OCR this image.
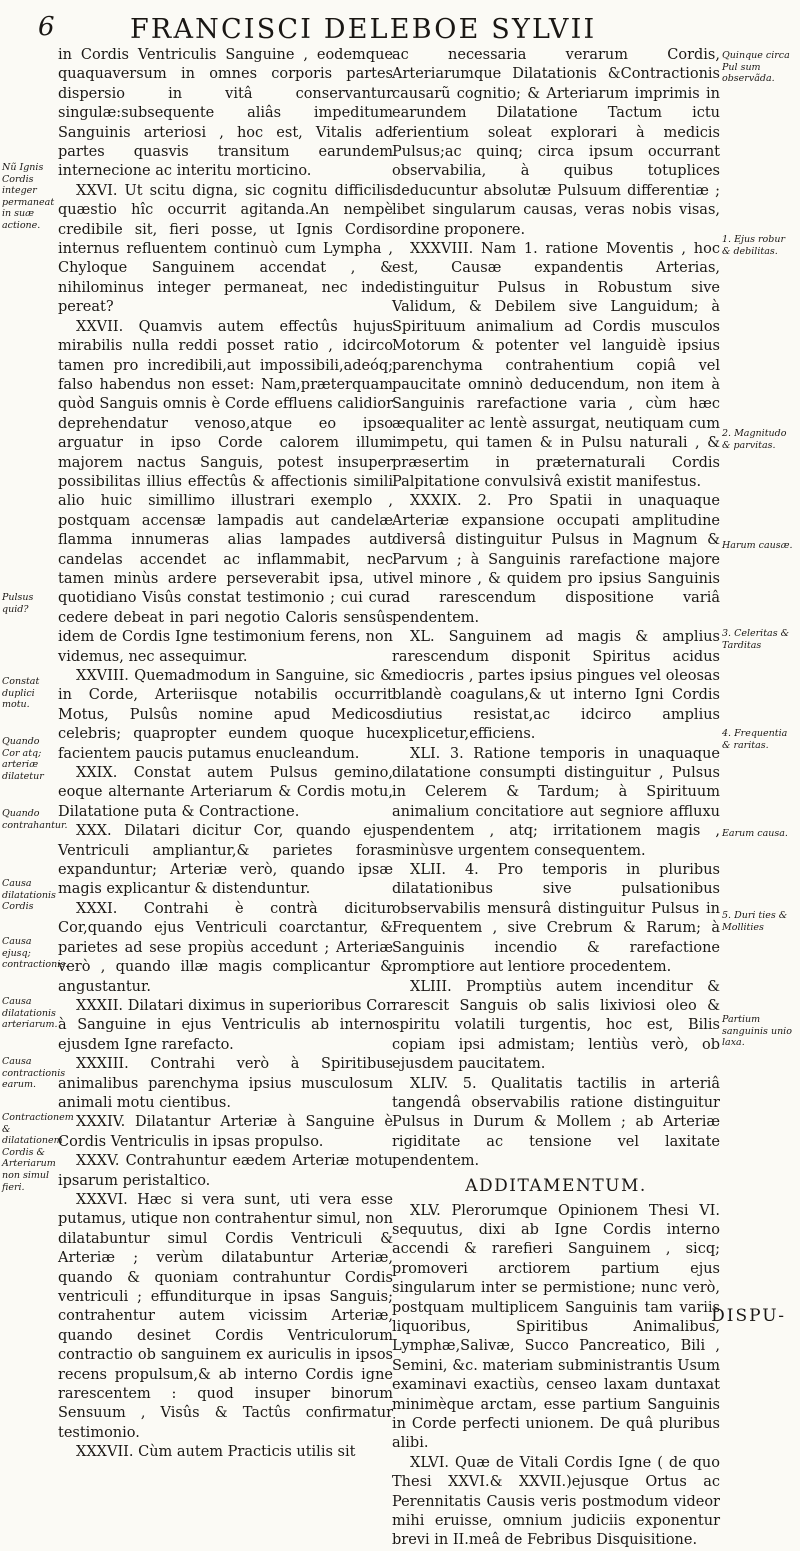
6	FRANCISCI DELEBOE SYLVII

in Cordis Ventriculis Sanguine , eodemque quaquaversum in omnes corporis partes dispersio in vitâ conservantur singulæ:subsequente aliâs impeditum Sanguinis arteriosi , hoc est, Vitalis ad partes quasvis transitum earundem internecione ac interitu morticino.

XXVI. Ut scitu digna, sic cognitu difficilis quæstio hîc occurrit agitanda.An nempè credibile sit, fieri posse, ut Ignis Cordis internus refluentem continuò cum Lympha , Chyloque Sanguinem accendat , & nihilominus integer permaneat, nec inde pereat?

XXVII. Quamvis autem effectûs hujus mirabilis nulla reddi posset ratio , idcirco tamen pro incredibili,aut impossibili,adeóq; falso habendus non esset: Nam,præterquam quòd Sanguis omnis è Corde effluens calidior deprehendatur venoso,atque eo ipso arguatur in ipso Corde calorem illum majorem nactus Sanguis, potest insuper possibilitas illius effectûs & affectionis simili alio huic simillimo illustrari exemplo , postquam accensæ lampadis aut candelæ flamma innumeras alias lampades aut candelas accendet ac inflammabit, nec tamen minùs ardere perseverabit ipsa, uti quotidiano Visûs constat testimonio ; cui cur cedere debeat in pari negotio Caloris sensûs idem de Cordis Igne testimonium ferens, non videmus, nec assequimur.

XXVIII. Quemadmodum in Sanguine, sic & in Corde, Arteriisque notabilis occurrit Motus, Pulsûs nomine apud Medicos celebris; quapropter eundem quoque huc facientem paucis putamus enucleandum.

XXIX. Constat autem Pulsus gemino, eoque alternante Arteriarum & Cordis motu, Dilatatione puta & Contractione.

XXX. Dilatari dicitur Cor, quando ejus Ventriculi ampliantur,& parietes foras expanduntur; Arteriæ verò, quando ipsæ magis explicantur & distenduntur.

XXXI. Contrahi è contrà dicitur Cor,quando ejus Ventriculi coarctantur, & parietes ad sese propiùs accedunt ; Arteriæ verò , quando illæ magis complicantur & angustantur.

XXXII. Dilatari diximus in superioribus Cor à Sanguine in ejus Ventriculis ab interno ejusdem Igne rarefacto.

XXXIII. Contrahi verò à Spiritibus animalibus parenchyma ipsius musculosum animali motu cientibus.

XXXIV. Dilatantur Arteriæ à Sanguine è Cordis Ventriculis in ipsas propulso.

XXXV. Contrahuntur eædem Arteriæ motu ipsarum peristaltico.

XXXVI. Hæc si vera sunt, uti vera esse putamus, utique non contrahentur simul, non dilatabuntur simul Cordis Ventriculi & Arteriæ ; verùm dilatabuntur Arteriæ, quando & quoniam contrahuntur Cordis ventriculi ; effunditurque in ipsas Sanguis; contrahentur autem vicissim Arteriæ, quando desinet Cordis Ventriculorum contractio ob sanguinem ex auriculis in ipsos recens propulsum,& ab interno Cordis igne rarescentem : quod insuper binorum Sensuum , Visûs & Tactûs confirmatur testimonio.

XXXVII. Cùm autem Practicis utilis sit

ac necessaria verarum Cordis, Arteriarumque Dilatationis &Contractionis causarũ cognitio; & Arteriarum imprimis in earundem Dilatatione Tactum ictu ferientium soleat explorari à medicis Pulsus;ac quinq; circa ipsum occurrant observabilia, à quibus totuplices deducuntur absolutæ Pulsuum differentiæ ; libet singularum causas, veras nobis visas, ordine proponere.

XXXVIII. Nam 1. ratione Moventis , hoc est, Causæ expandentis Arterias, distinguitur Pulsus in Robustum sive Validum, & Debilem sive Languidum; à Spirituum animalium ad Cordis musculos Motorum & potenter vel languidè ipsius parenchyma contrahentium copiâ vel paucitate omninò deducendum, non item à Sanguinis rarefactione varia , cùm hæc æqualiter ac lentè assurgat, neutiquam cum impetu, qui tamen & in Pulsu naturali , & præsertim in præternaturali Cordis Palpitatione convulsivâ existit manifestus.

XXXIX. 2. Pro Spatii in unaquaque Arteriæ expansione occupati amplitudine diversâ distinguitur Pulsus in Magnum & Parvum ; à Sanguinis rarefactione majore vel minore , & quidem pro ipsius Sanguinis ad rarescendum dispositione variâ pendentem.

XL. Sanguinem ad magis & amplius rarescendum disponit Spiritus acidus mediocris , partes ipsius pingues vel oleosas blandè coagulans,& ut interno Igni Cordis diutius resistat,ac idcirco amplius explicetur,efficiens.

XLI. 3. Ratione temporis in unaquaque dilatatione consumpti distinguitur , Pulsus in Celerem & Tardum; à Spirituum animalium concitatiore aut segniore affluxu pendentem , atq; irritationem magis , minùsve urgentem consequentem.

XLII. 4. Pro temporis in pluribus dilatationibus sive pulsationibus observabilis mensurâ distinguitur Pulsus in Frequentem , sive Crebrum & Rarum; à Sanguinis incendio & rarefactione promptiore aut lentiore procedentem.

XLIII. Promptiùs autem incenditur & rarescit Sanguis ob salis lixiviosi oleo & spiritu volatili turgentis, hoc est, Bilis copiam ipsi admistam; lentiùs verò, ob ejusdem paucitatem.

XLIV. 5. Qualitatis tactilis in arteriâ tangendâ observabilis ratione distinguitur Pulsus in Durum & Mollem ; ab Arteriæ rigiditate ac tensione vel laxitate pendentem.

ADDITAMENTUM.

XLV. Plerorumque Opinionem Thesi VI. sequutus, dixi ab Igne Cordis interno accendi & rarefieri Sanguinem , sicq; promoveri arctiorem partium ejus singularum inter se permistione; nunc verò, postquam multiplicem Sanguinis tam variis liquoribus, Spiritibus Animalibus, Lymphæ,Salivæ, Succo Pancreatico, Bili , Semini, &c. materiam subministrantis Usum examinavi exactiùs, censeo laxam duntaxat minimèque arctam, esse partium Sanguinis in Corde perfecti unionem. De quâ pluribus alibi.

XLVI. Quæ de Vitali Cordis Igne ( de quo Thesi XXVI.& XXVII.)ejusque Ortus ac Perennitatis Causis veris postmodum videor mihi eruisse, omnium judiciis exponentur brevi in II.meâ de Febribus Disquisitione.

Nũ Ignis Cordis integer permaneat in suæ actione.
Pulsus quid?
Constat duplici motu.
Quando Cor atq; arteriæ dilatetur
Quando contrahantur.
Causa dilatationis Cordis
Causa ejusq; contractionis.
Causa dilatationis arteriarum.
Causa contractionis earum.
Contractionem & dilatationem Cordis & Arteriarum non simul fieri.
Quinque circa Pul sum observãda.
1. Ejus robur & debilitas.
2. Magnitudo & parvitas.
Harum causæ.
3. Celeritas & Tarditas
4. Frequentia & raritas.
Earum causa.
5. Duri ties & Mollities
Partium sanguinis unio laxa.
DISPU-
